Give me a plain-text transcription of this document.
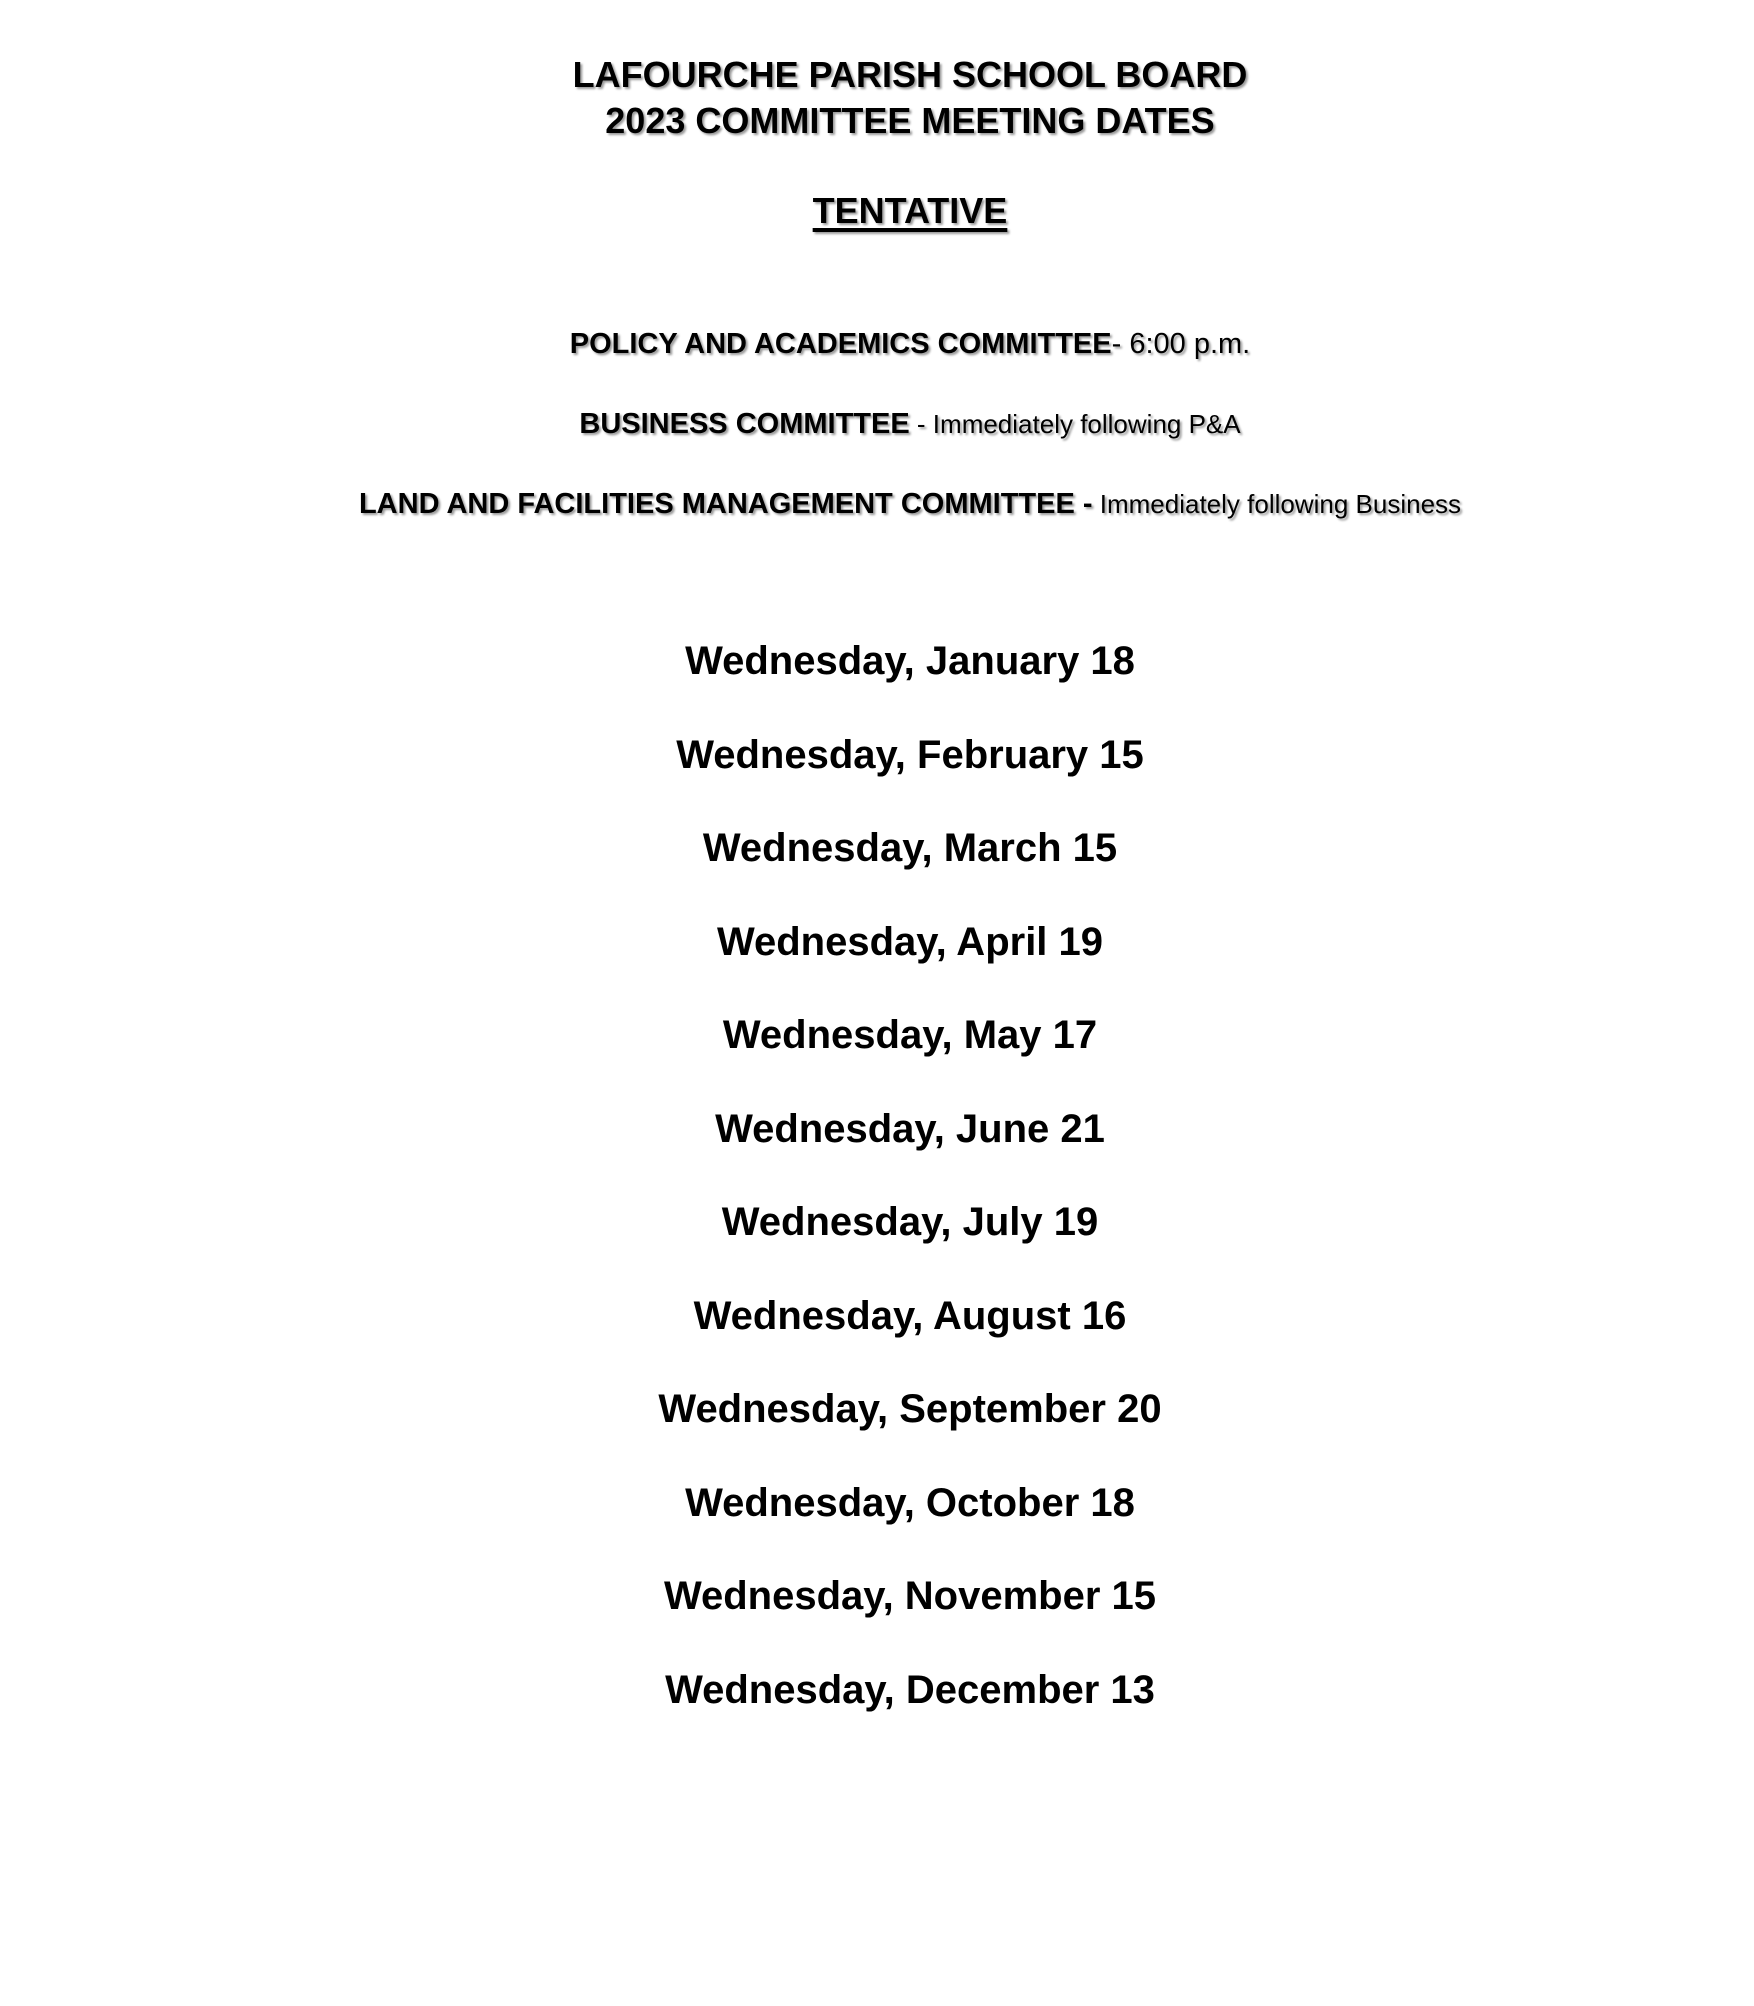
LAFOURCHE PARISH SCHOOL BOARD
2023 COMMITTEE MEETING DATES
TENTATIVE
POLICY AND ACADEMICS COMMITTEE- 6:00 p.m.
BUSINESS COMMITTEE - Immediately following P&A
LAND AND FACILITIES MANAGEMENT COMMITTEE - Immediately following Business
Wednesday, January 18
Wednesday, February 15
Wednesday, March 15
Wednesday, April 19
Wednesday, May 17
Wednesday, June 21
Wednesday, July 19
Wednesday, August 16
Wednesday, September 20
Wednesday, October 18
Wednesday, November 15
Wednesday, December 13
